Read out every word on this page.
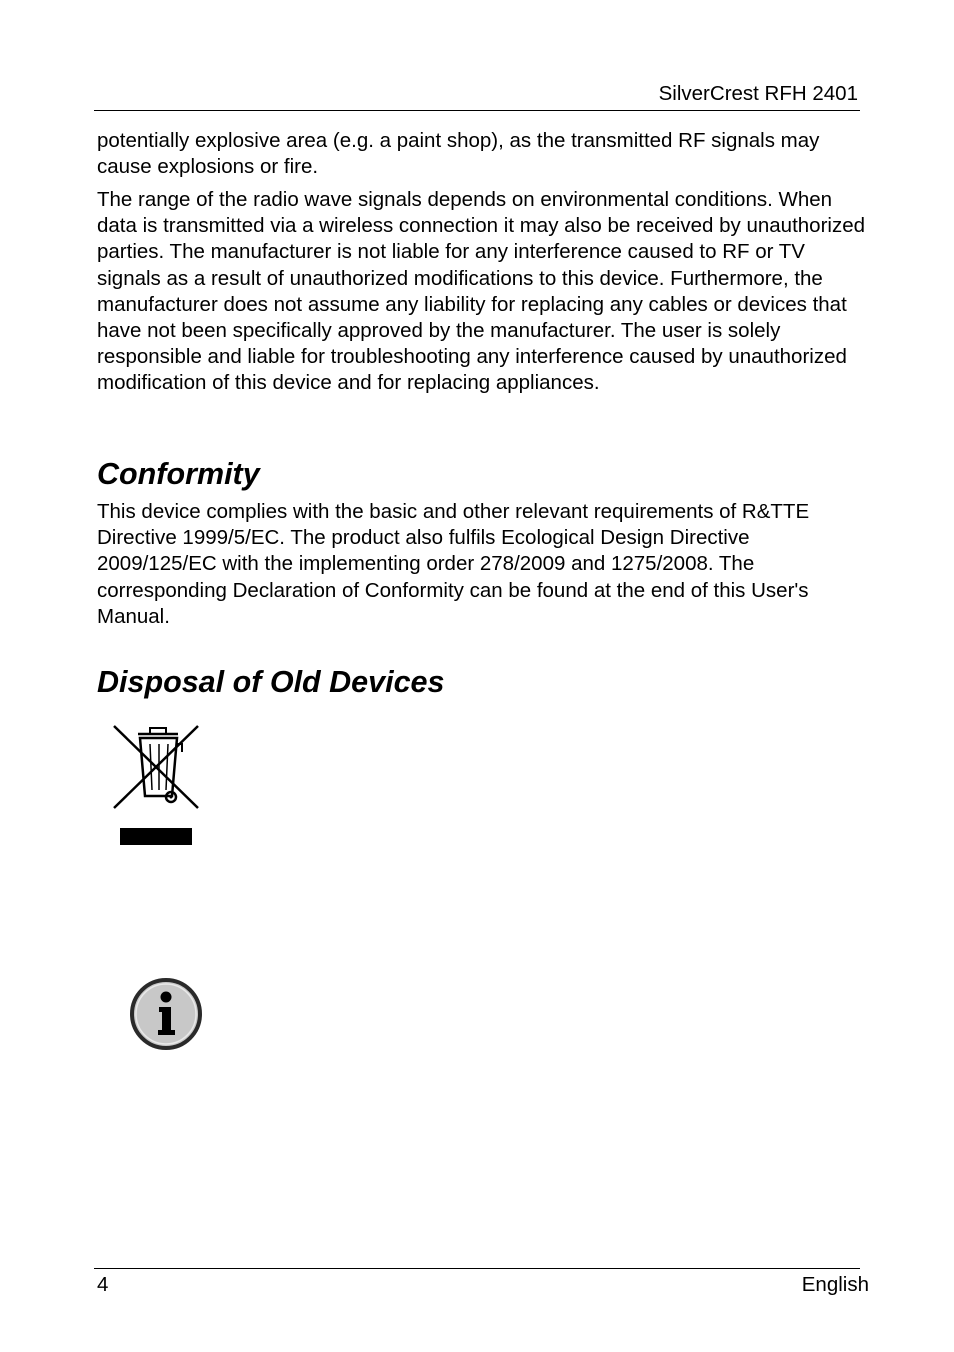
SilverCrest RFH 2401

potentially explosive area (e.g. a paint shop), as the transmitted RF signals may cause explosions or fire.

The range of the radio wave signals depends on environmental conditions. When data is transmitted via a wireless connection it may also be received by unauthorized parties. The manufacturer is not liable for any interference caused to RF or TV signals as a result of unauthorized modifications to this device. Furthermore, the manufacturer does not assume any liability for replacing any cables or devices that have not been specifically approved by the manufacturer. The user is solely responsible and liable for troubleshooting any interference caused by unauthorized modification of this device and for replacing appliances.

Conformity

This device complies with the basic and other relevant requirements of R&TTE Directive 1999/5/EC. The product also fulfils Ecological Design Directive 2009/125/EC with the implementing order 278/2009 and 1275/2008. The corresponding Declaration of Conformity can be found at the end of this User's Manual.

Disposal of Old Devices
4	English
